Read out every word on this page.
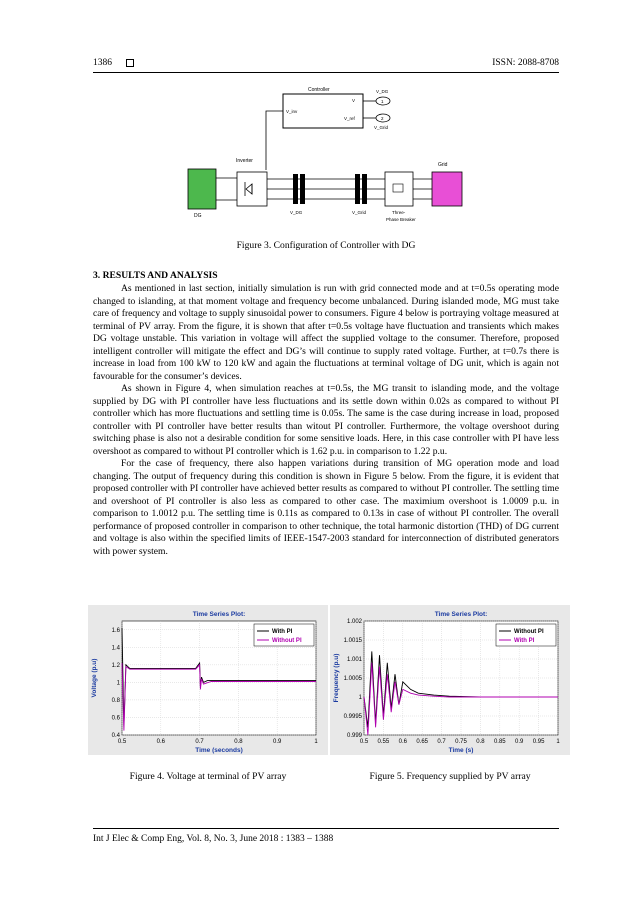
1386	ISSN: 2088-8708
Controller
V_inv
V
V_ref
1
2
V_DG
V_Grid
DG
Inverter
V_DG	V_Grid	Three-
Phase Breaker
Grid
Figure 3. Configuration of Controller with DG
3. RESULTS AND ANALYSIS

As mentioned in last section, initially simulation is run with grid connected mode and at t=0.5s operating mode changed to islanding, at that moment voltage and frequency become unbalanced. During islanded mode, MG must take care of frequency and voltage to supply sinusoidal power to consumers. Figure 4 below is portraying voltage measured at terminal of PV array. From the figure, it is shown that after t=0.5s voltage have fluctuation and transients which makes DG voltage unstable. This variation in voltage will affect the supplied voltage to the consumer. Therefore, proposed intelligent controller will mitigate the effect and DG’s will continue to supply rated voltage. Further, at t=0.7s there is increase in load from 100 kW to 120 kW and again the fluctuations at terminal voltage of DG unit, which is again not favourable for the consumer’s devices.

As shown in Figure 4, when simulation reaches at t=0.5s, the MG transit to islanding mode, and the voltage supplied by DG with PI controller have less fluctuations and its settle down within 0.02s as compared to without PI controller which has more fluctuations and settling time is 0.05s. The same is the case during increase in load, proposed controller with PI controller have better results than witout PI controller. Furthermore, the voltage overshoot during switching phase is also not a desirable condition for some sensitive loads. Here, in this case controller with PI have less overshoot as compared to without PI controller which is 1.62 p.u. in comparison to 1.22 p.u.

For the case of frequency, there also happen variations during transition of MG operation mode and load changing. The output of frequency during this condition is shown in Figure 5 below. From the figure, it is evident that proposed controller with PI controller have achieved better results as compared to without PI controller. The settling time and overshoot of PI controller is also less as compared to other case. The maximium overshoot is 1.0009 p.u. in comparison to 1.0012 p.u. The settling time is 0.11s as compared to 0.13s in case of without PI controller. The overall performance of proposed controller in comparison to other technique, the total harmonic distortion (THD) of DG current and voltage is also within the specified limits of IEEE-1547-2003 standard for interconnection of distributed generators with power system.

0.5	0.6	0.7	0.8	0.9	1
0.4
0.6
0.8
1
1.2
1.4
1.6
Time Series Plot:
Time (seconds)
Voltage (p.u)
With PI
Without PI
Figure 4. Voltage at terminal of PV array
0.5 0.55 0.6 0.65 0.7 0.75 0.8 0.85 0.9 0.95 1
0.999
0.9995
1
1.0005
1.001
1.0015
1.002
Time Series Plot:
Time (s)
Frequency (p.u)
Without PI
With PI
Figure 5. Frequency supplied by PV array
Int J Elec & Comp Eng, Vol. 8, No. 3, June 2018 : 1383 – 1388
